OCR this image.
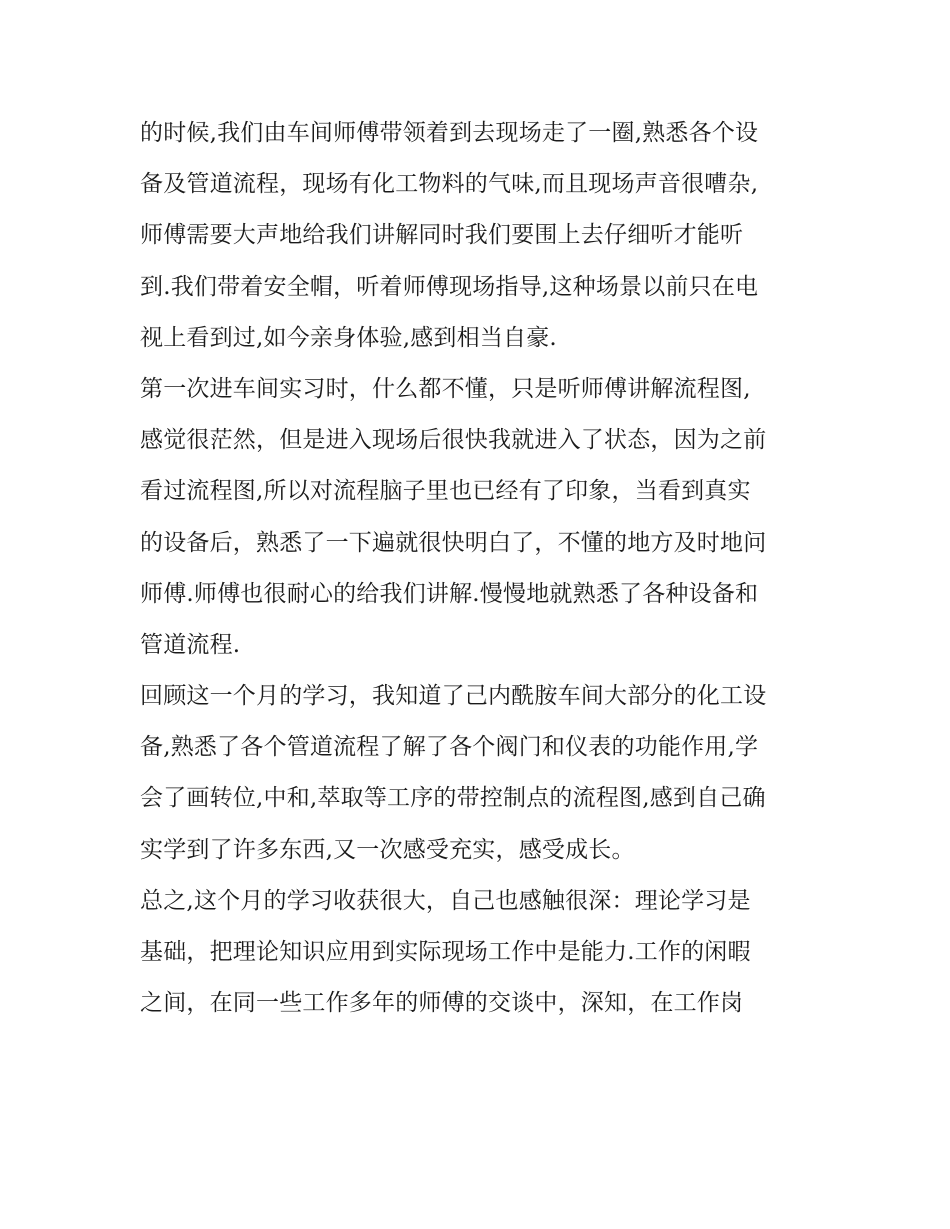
的时候,我们由车间师傅带领着到去现场走了一圈,熟悉各个设
备及管道流程，现场有化工物料的气味,而且现场声音很嘈杂,
师傅需要大声地给我们讲解同时我们要围上去仔细听才能听
到.我们带着安全帽，听着师傅现场指导,这种场景以前只在电
视上看到过,如今亲身体验,感到相当自豪.
第一次进车间实习时，什么都不懂，只是听师傅讲解流程图,
感觉很茫然，但是进入现场后很快我就进入了状态，因为之前
看过流程图,所以对流程脑子里也已经有了印象，当看到真实
的设备后，熟悉了一下遍就很快明白了，不懂的地方及时地问
师傅.师傅也很耐心的给我们讲解.慢慢地就熟悉了各种设备和
管道流程.
回顾这一个月的学习，我知道了己内酰胺车间大部分的化工设
备,熟悉了各个管道流程了解了各个阀门和仪表的功能作用,学
会了画转位,中和,萃取等工序的带控制点的流程图,感到自己确
实学到了许多东西,又一次感受充实，感受成长。
总之,这个月的学习收获很大，自己也感触很深：理论学习是
基础，把理论知识应用到实际现场工作中是能力.工作的闲暇
之间，在同一些工作多年的师傅的交谈中，深知，在工作岗
